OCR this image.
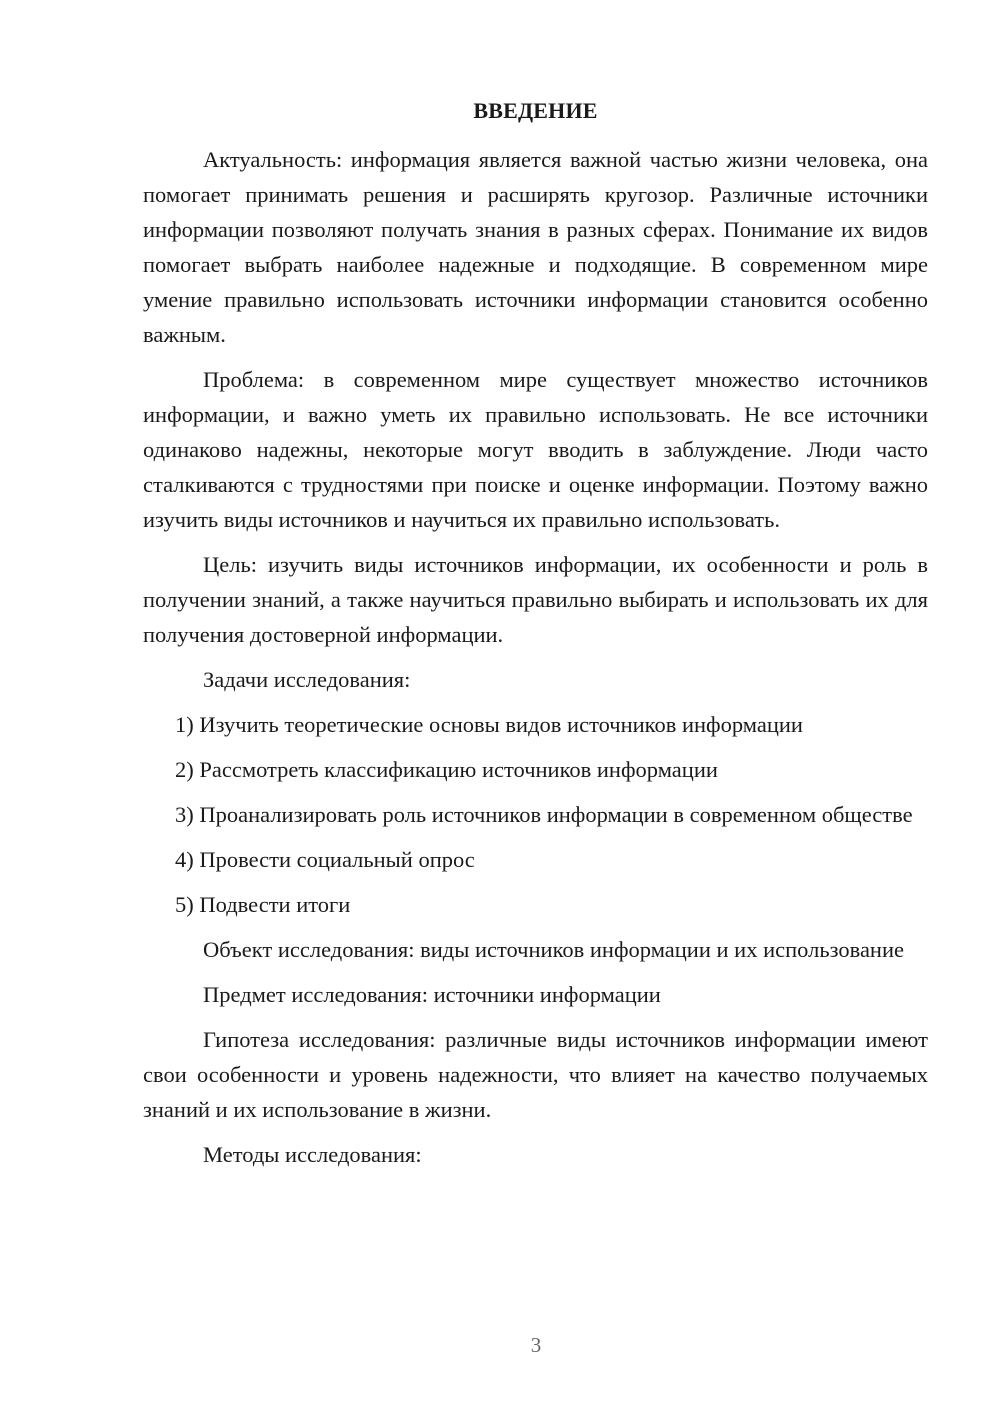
ВВЕДЕНИЕ

Актуальность: информация является важной частью жизни человека, она помогает принимать решения и расширять кругозор. Различные источники информации позволяют получать знания в разных сферах. Понимание их видов помогает выбрать наиболее надежные и подходящие. В современном мире умение правильно использовать источники информации становится особенно важным.

Проблема: в современном мире существует множество источников информации, и важно уметь их правильно использовать. Не все источники одинаково надежны, некоторые могут вводить в заблуждение. Люди часто сталкиваются с трудностями при поиске и оценке информации. Поэтому важно изучить виды источников и научиться их правильно использовать.

Цель: изучить виды источников информации, их особенности и роль в получении знаний, а также научиться правильно выбирать и использовать их для получения достоверной информации.

Задачи исследования:

1) Изучить теоретические основы видов источников информации

2) Рассмотреть классификацию источников информации

3) Проанализировать роль источников информации в современном обществе

4) Провести социальный опрос

5) Подвести итоги

Объект исследования: виды источников информации и их использование

Предмет исследования: источники информации

Гипотеза исследования: различные виды источников информации имеют свои особенности и уровень надежности, что влияет на качество получаемых знаний и их использование в жизни.

Методы исследования:

3
